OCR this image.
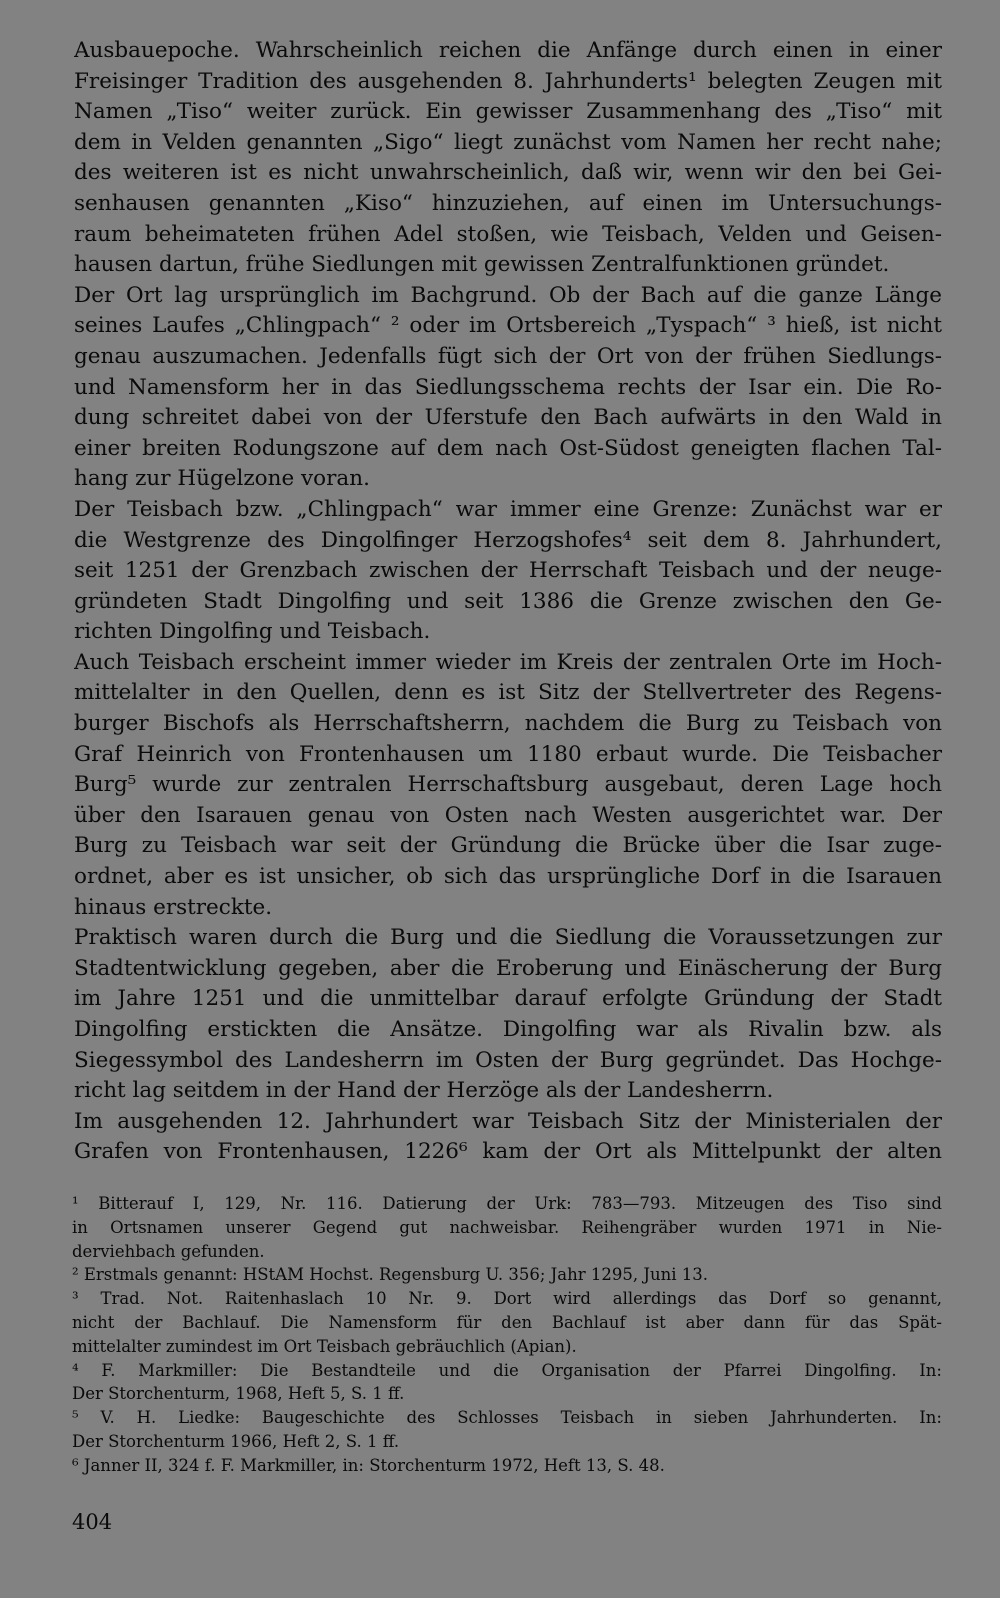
Ausbauepoche. Wahrscheinlich reichen die Anfänge durch einen in einer
Freisinger Tradition des ausgehenden 8. Jahrhunderts¹ belegten Zeugen mit
Namen „Tiso“ weiter zurück. Ein gewisser Zusammenhang des „Tiso“ mit
dem in Velden genannten „Sigo“ liegt zunächst vom Namen her recht nahe;
des weiteren ist es nicht unwahrscheinlich, daß wir, wenn wir den bei Gei-
senhausen genannten „Kiso“ hinzuziehen, auf einen im Untersuchungs-
raum beheimateten frühen Adel stoßen, wie Teisbach, Velden und Geisen-
hausen dartun, frühe Siedlungen mit gewissen Zentralfunktionen gründet.
Der Ort lag ursprünglich im Bachgrund. Ob der Bach auf die ganze Länge
seines Laufes „Chlingpach“ ² oder im Ortsbereich „Tyspach“ ³ hieß, ist nicht
genau auszumachen. Jedenfalls fügt sich der Ort von der frühen Siedlungs-
und Namensform her in das Siedlungsschema rechts der Isar ein. Die Ro-
dung schreitet dabei von der Uferstufe den Bach aufwärts in den Wald in
einer breiten Rodungszone auf dem nach Ost-Südost geneigten flachen Tal-
hang zur Hügelzone voran.
Der Teisbach bzw. „Chlingpach“ war immer eine Grenze: Zunächst war er
die Westgrenze des Dingolfinger Herzogshofes⁴ seit dem 8. Jahrhundert,
seit 1251 der Grenzbach zwischen der Herrschaft Teisbach und der neuge-
gründeten Stadt Dingolfing und seit 1386 die Grenze zwischen den Ge-
richten Dingolfing und Teisbach.
Auch Teisbach erscheint immer wieder im Kreis der zentralen Orte im Hoch-
mittelalter in den Quellen, denn es ist Sitz der Stellvertreter des Regens-
burger Bischofs als Herrschaftsherrn, nachdem die Burg zu Teisbach von
Graf Heinrich von Frontenhausen um 1180 erbaut wurde. Die Teisbacher
Burg⁵ wurde zur zentralen Herrschaftsburg ausgebaut, deren Lage hoch
über den Isarauen genau von Osten nach Westen ausgerichtet war. Der
Burg zu Teisbach war seit der Gründung die Brücke über die Isar zuge-
ordnet, aber es ist unsicher, ob sich das ursprüngliche Dorf in die Isarauen
hinaus erstreckte.
Praktisch waren durch die Burg und die Siedlung die Voraussetzungen zur
Stadtentwicklung gegeben, aber die Eroberung und Einäscherung der Burg
im Jahre 1251 und die unmittelbar darauf erfolgte Gründung der Stadt
Dingolfing erstickten die Ansätze. Dingolfing war als Rivalin bzw. als
Siegessymbol des Landesherrn im Osten der Burg gegründet. Das Hochge-
richt lag seitdem in der Hand der Herzöge als der Landesherrn.
Im ausgehenden 12. Jahrhundert war Teisbach Sitz der Ministerialen der
Grafen von Frontenhausen, 1226⁶ kam der Ort als Mittelpunkt der alten
¹ Bitterauf I, 129, Nr. 116. Datierung der Urk: 783—793. Mitzeugen des Tiso sind
in Ortsnamen unserer Gegend gut nachweisbar. Reihengräber wurden 1971 in Nie-
derviehbach gefunden.
² Erstmals genannt: HStAM Hochst. Regensburg U. 356; Jahr 1295, Juni 13.
³ Trad. Not. Raitenhaslach 10 Nr. 9. Dort wird allerdings das Dorf so genannt,
nicht der Bachlauf. Die Namensform für den Bachlauf ist aber dann für das Spät-
mittelalter zumindest im Ort Teisbach gebräuchlich (Apian).
⁴ F. Markmiller: Die Bestandteile und die Organisation der Pfarrei Dingolfing. In:
Der Storchenturm, 1968, Heft 5, S. 1 ff.
⁵ V. H. Liedke: Baugeschichte des Schlosses Teisbach in sieben Jahrhunderten. In:
Der Storchenturm 1966, Heft 2, S. 1 ff.
⁶ Janner II, 324 f. F. Markmiller, in: Storchenturm 1972, Heft 13, S. 48.
404
